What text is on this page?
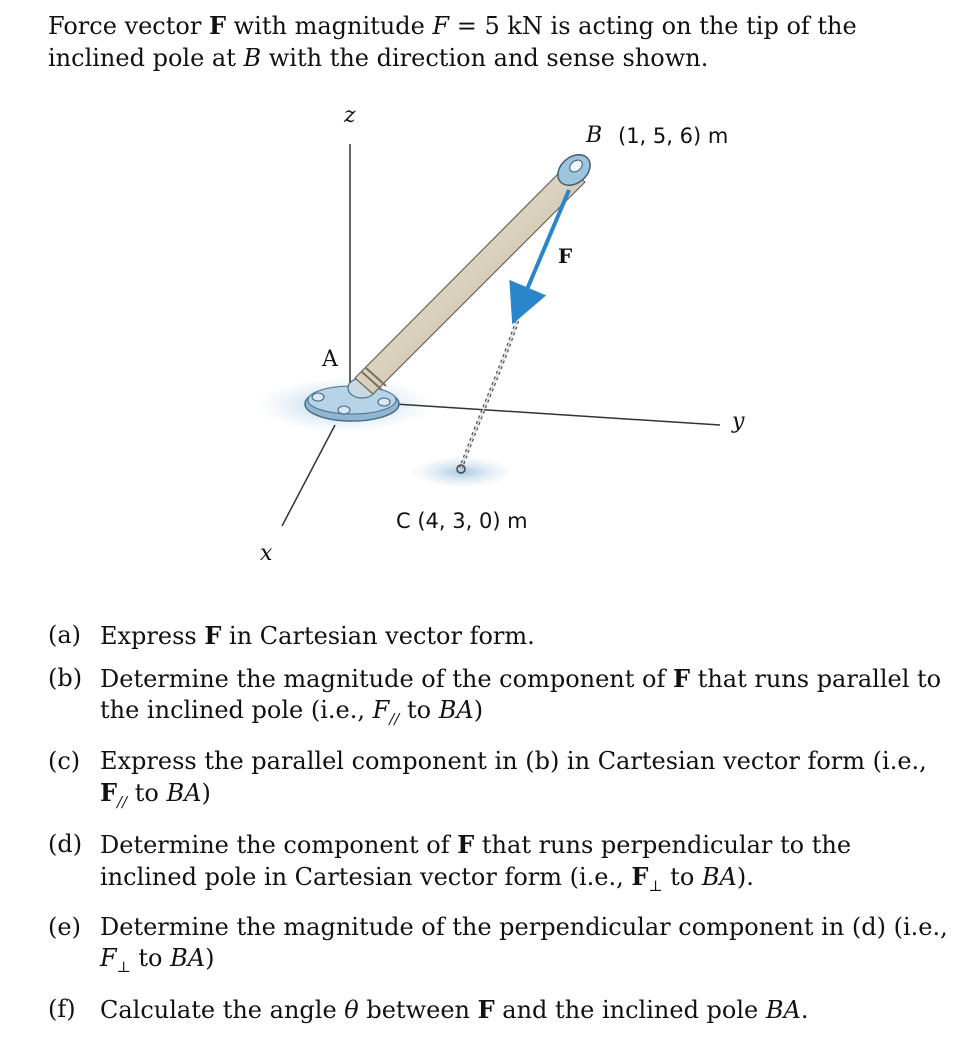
Force vector F with magnitude F = 5 kN is acting on the tip of the inclined pole at B with the direction and sense shown.
z
B (1, 5, 6) m
F
A
y
C (4, 3, 0) m
x
(a) Express F in Cartesian vector form.
(b) Determine the magnitude of the component of F that runs parallel to the inclined pole (i.e., $F_{//}$ to BA)
(c) Express the parallel component in (b) in Cartesian vector form (i.e., $F_{//}$ to BA)
(d) Determine the component of F that runs perpendicular to the inclined pole in Cartesian vector form (i.e., $F_\perp$ to BA).
(e) Determine the magnitude of the perpendicular component in (d) (i.e., $F_\perp$ to BA)
(f)	Calculate the angle θ between F and the inclined pole BA.
